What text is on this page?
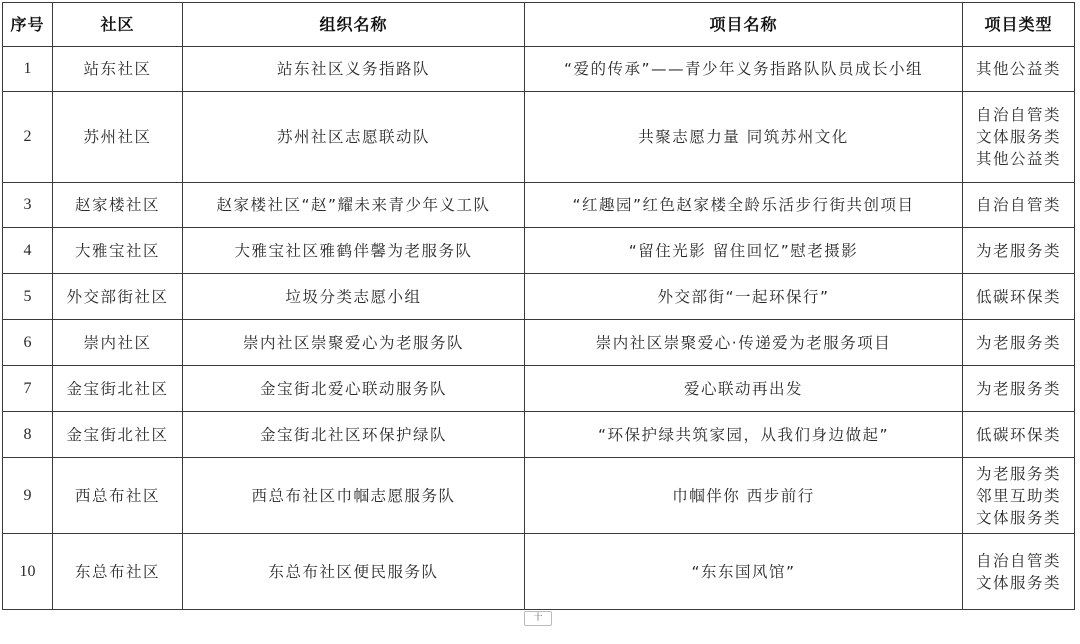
序号	社区	组织名称	项目名称	项目类型
1	站东社区	站东社区义务指路队	“爱的传承”——青少年义务指路队队员成长小组	其他公益类

2	苏州社区	苏州社区志愿联动队	共聚志愿力量 同筑苏州文化	自治自管类
文体服务类
其他公益类

3	赵家楼社区	赵家楼社区“赵”耀未来青少年义工队	“红趣园”红色赵家楼全龄乐活步行街共创项目	自治自管类

4	大雅宝社区	大雅宝社区雅鹤伴馨为老服务队	“留住光影 留住回忆”慰老摄影	为老服务类

5	外交部街社区	垃圾分类志愿小组	外交部街“一起环保行”	低碳环保类

6	崇内社区	崇内社区崇聚爱心为老服务队	崇内社区崇聚爱心·传递爱为老服务项目	为老服务类

7	金宝街北社区	金宝街北爱心联动服务队	爱心联动再出发	为老服务类

8	金宝街北社区	金宝街北社区环保护绿队	“环保护绿共筑家园，从我们身边做起”	低碳环保类

9	西总布社区	西总布社区巾帼志愿服务队	巾帼伴你 西步前行	为老服务类
邻里互助类
文体服务类

10	东总布社区	东总布社区便民服务队	“东东国风馆”	自治自管类
文体服务类
十
